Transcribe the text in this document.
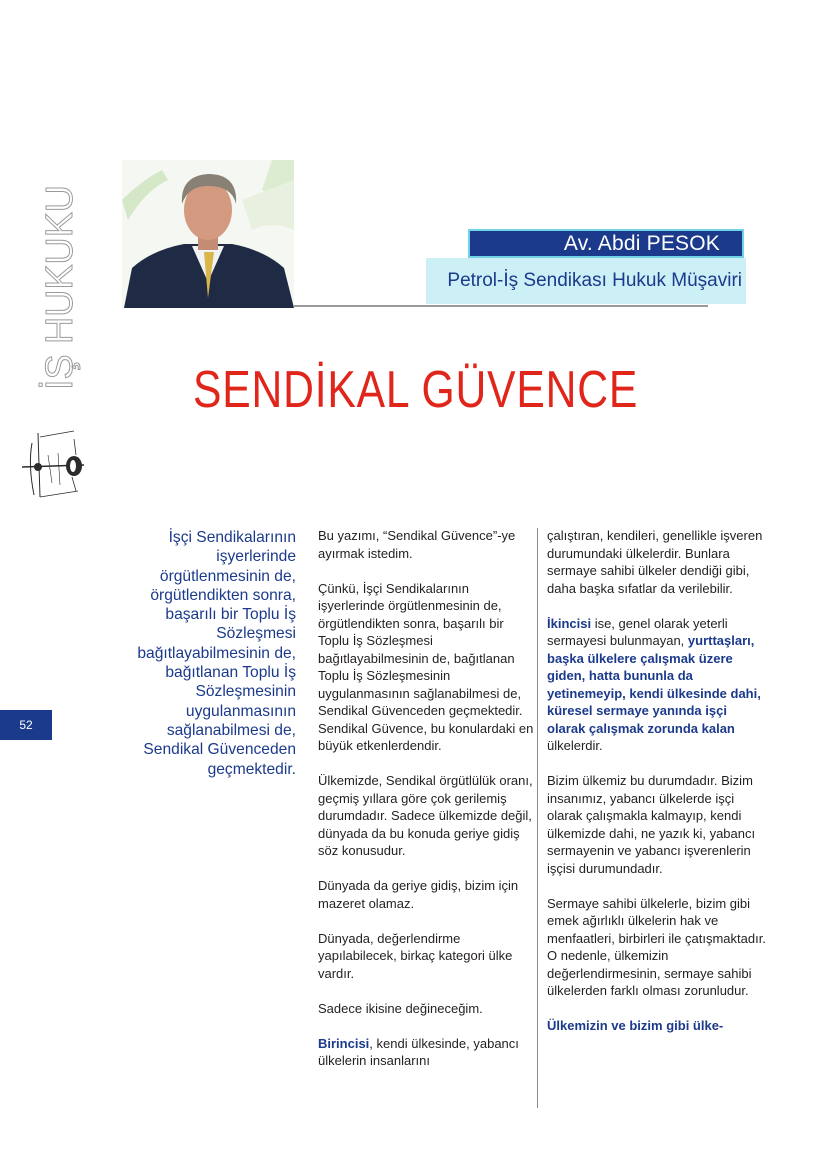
İŞ HUKUKU	Av. Abdi PESOK
Petrol-İş Sendikası Hukuk Müşaviri
SENDİKAL GÜVENCE
52
İşçi Sendikalarının işyerlerinde örgütlenmesinin de, örgütlendikten sonra, başarılı bir Toplu İş Sözleşmesi bağıtlayabilmesinin de, bağıtlanan Toplu İş Sözleşmesinin uygulanmasının sağlanabilmesi de, Sendikal Güvenceden geçmektedir.

Bu yazımı, “Sendikal Güvence”-ye ayırmak istedim.

Çünkü, İşçi Sendikalarının işyerlerinde örgütlenmesinin de, örgütlendikten sonra, başarılı bir Toplu İş Sözleşmesi bağıtlayabilmesinin de, bağıtlanan Toplu İş Sözleşmesinin uygulanmasının sağlanabilmesi de, Sendikal Güvenceden geçmektedir. Sendikal Güvence, bu konulardaki en büyük etkenlerdendir.

Ülkemizde, Sendikal örgütlülük oranı, geçmiş yıllara göre çok gerilemiş durumdadır. Sadece ülkemizde değil, dünyada da bu konuda geriye gidiş söz konusudur.

Dünyada da geriye gidiş, bizim için mazeret olamaz.

Dünyada, değerlendirme yapılabilecek, birkaç kategori ülke vardır.

Sadece ikisine değineceğim.

Birincisi, kendi ülkesinde, yabancı ülkelerin insanlarını

çalıştıran, kendileri, genellikle işveren durumundaki ülkelerdir. Bunlara sermaye sahibi ülkeler dendiği gibi, daha başka sıfatlar da verilebilir.

İkincisi ise, genel olarak yeterli sermayesi bulunmayan, yurttaşları, başka ülkelere çalışmak üzere giden, hatta bununla da yetinemeyip, kendi ülkesinde dahi, küresel sermaye yanında işçi olarak çalışmak zorunda kalan ülkelerdir.

Bizim ülkemiz bu durumdadır. Bizim insanımız, yabancı ülkelerde işçi olarak çalışmakla kalmayıp, kendi ülkemizde dahi, ne yazık ki, yabancı sermayenin ve yabancı işverenlerin işçisi durumundadır.

Sermaye sahibi ülkelerle, bizim gibi emek ağırlıklı ülkelerin hak ve menfaatleri, birbirleri ile çatışmaktadır. O nedenle, ülkemizin değerlendirmesinin, sermaye sahibi ülkelerden farklı olması zorunludur.

Ülkemizin ve bizim gibi ülke-
